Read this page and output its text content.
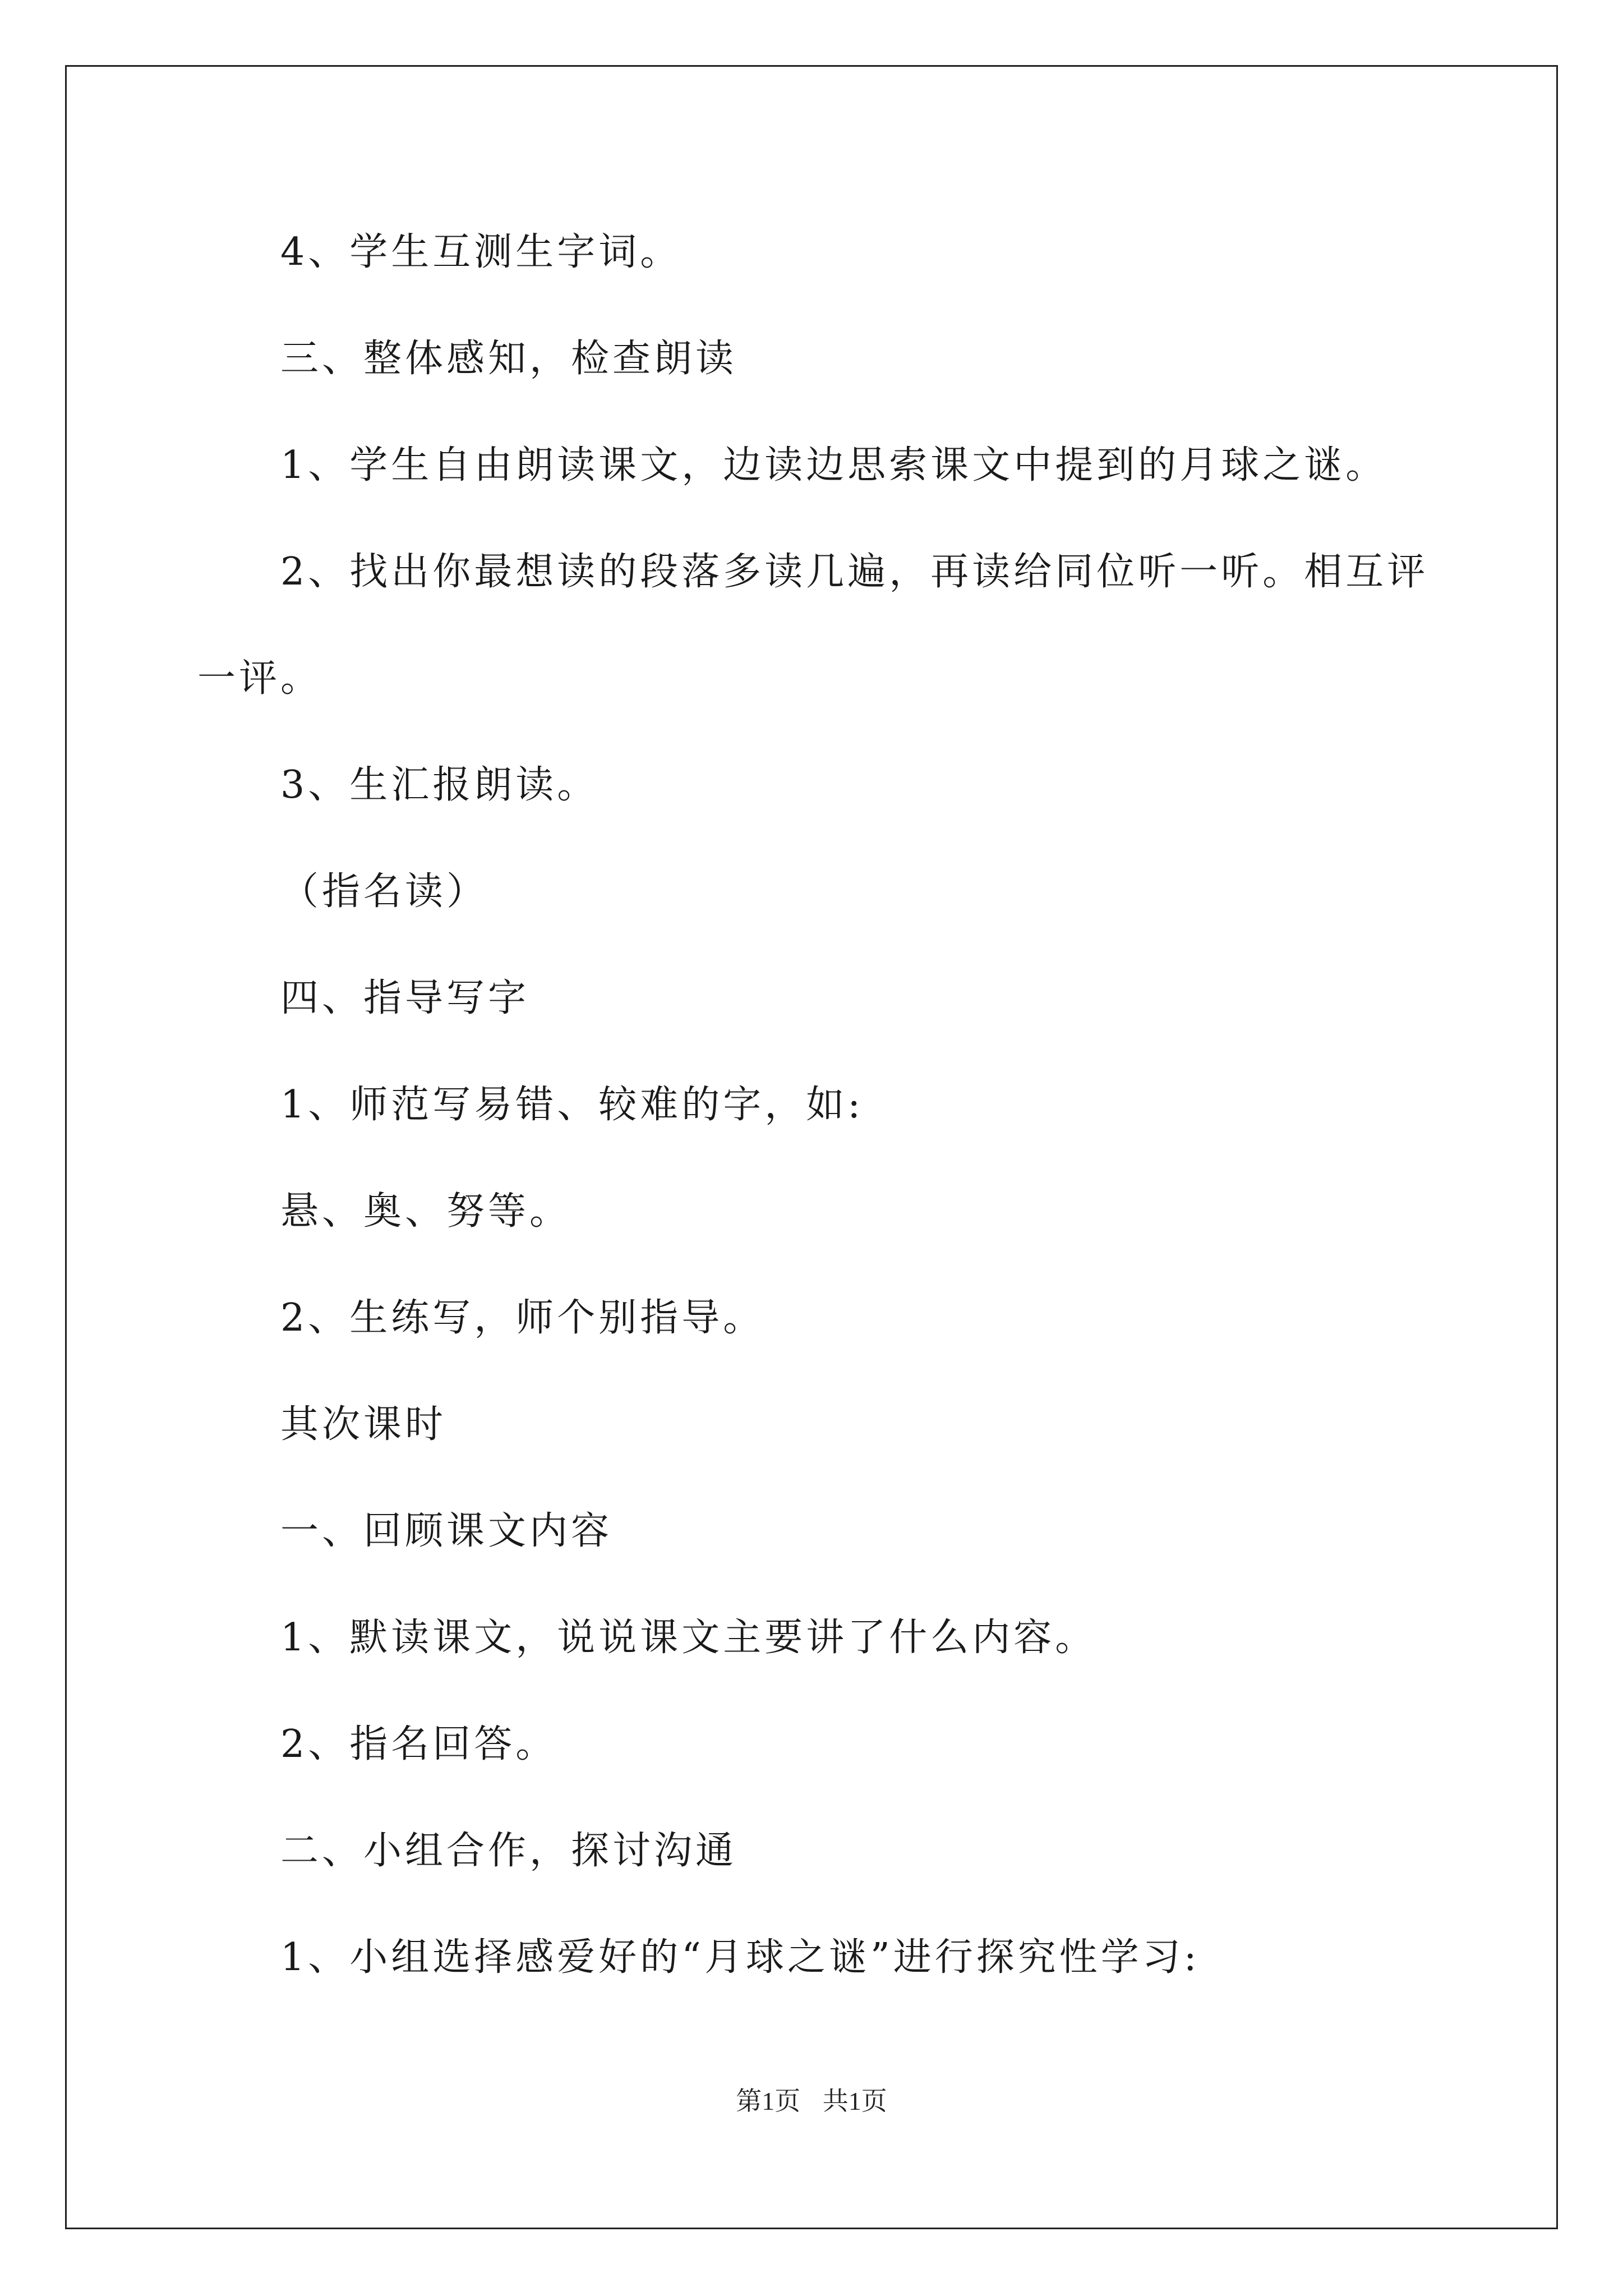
4、学生互测生字词。
三、整体感知，检查朗读
1、学生自由朗读课文，边读边思索课文中提到的月球之谜。
2、找出你最想读的段落多读几遍，再读给同位听一听。相互评
一评。
3、生汇报朗读。
（指名读）
四、指导写字
1、师范写易错、较难的字，如:
悬、奥、努等。
2、生练写，师个别指导。
其次课时
一、回顾课文内容
1、默读课文，说说课文主要讲了什么内容。
2、指名回答。
二、小组合作，探讨沟通
1、小组选择感爱好的“月球之谜”进行探究性学习:
第1页 共1页
